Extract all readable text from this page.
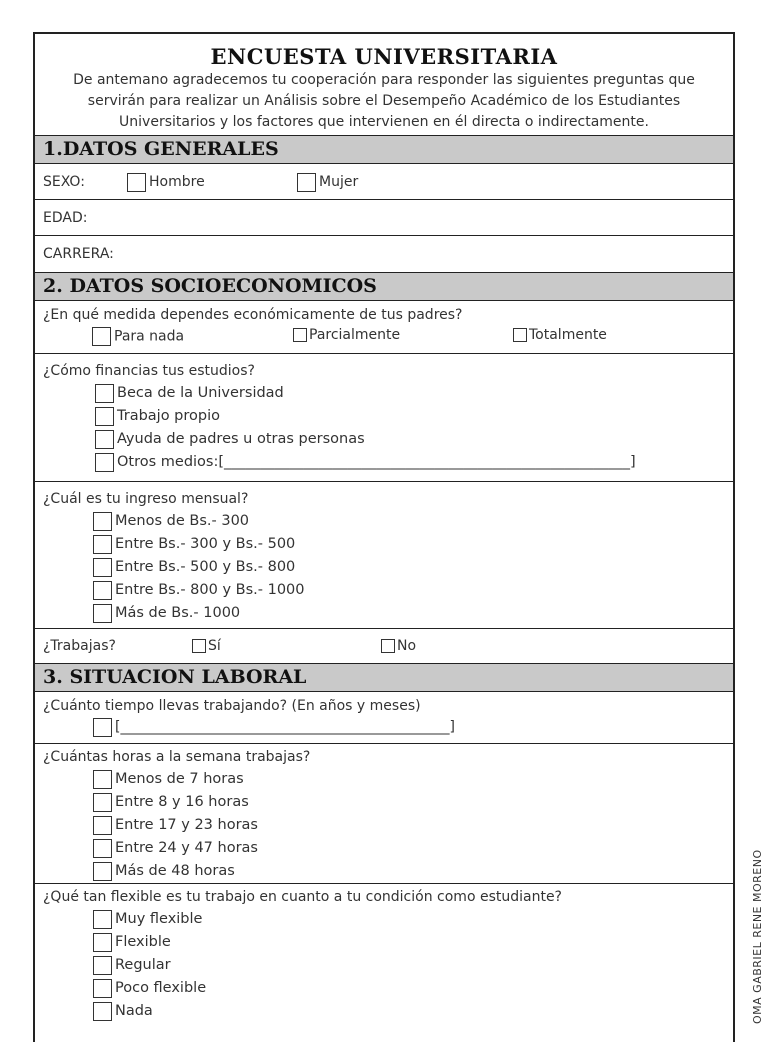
ENCUESTA UNIVERSITARIA
De antemano agradecemos tu cooperación para responder las siguientes preguntas que
servirán para realizar un Análisis sobre el Desempeño Académico de los Estudiantes
Universitarios y los factores que intervienen en él directa o indirectamente.
1.DATOS GENERALES
SEXO:	Hombre	Mujer
EDAD:
CARRERA:
2. DATOS SOCIOECONOMICOS
¿En qué medida dependes económicamente de tus padres?
Para nada	Parcialmente	Totalmente
¿Cómo financias tus estudios?
Beca de la Universidad
Trabajo propio
Ayuda de padres u otras personas
Otros medios:[________________________________________________________]
¿Cuál es tu ingreso mensual?
Menos de Bs.- 300
Entre Bs.- 300 y Bs.- 500
Entre Bs.- 500 y Bs.- 800
Entre Bs.- 800 y Bs.- 1000
Más de Bs.- 1000
¿Trabajas?	Sí	No
3. SITUACION LABORAL
¿Cuánto tiempo llevas trabajando? (En años y meses)
[_______________________________________________]
¿Cuántas horas a la semana trabajas?
Menos de 7 horas
Entre 8 y 16 horas
Entre 17 y 23 horas
Entre 24 y 47 horas
Más de 48 horas
¿Qué tan flexible es tu trabajo en cuanto a tu condición como estudiante?
Muy flexible
Flexible
Regular
Poco flexible
Nada	OMA GABRIEL RENE MORENO
